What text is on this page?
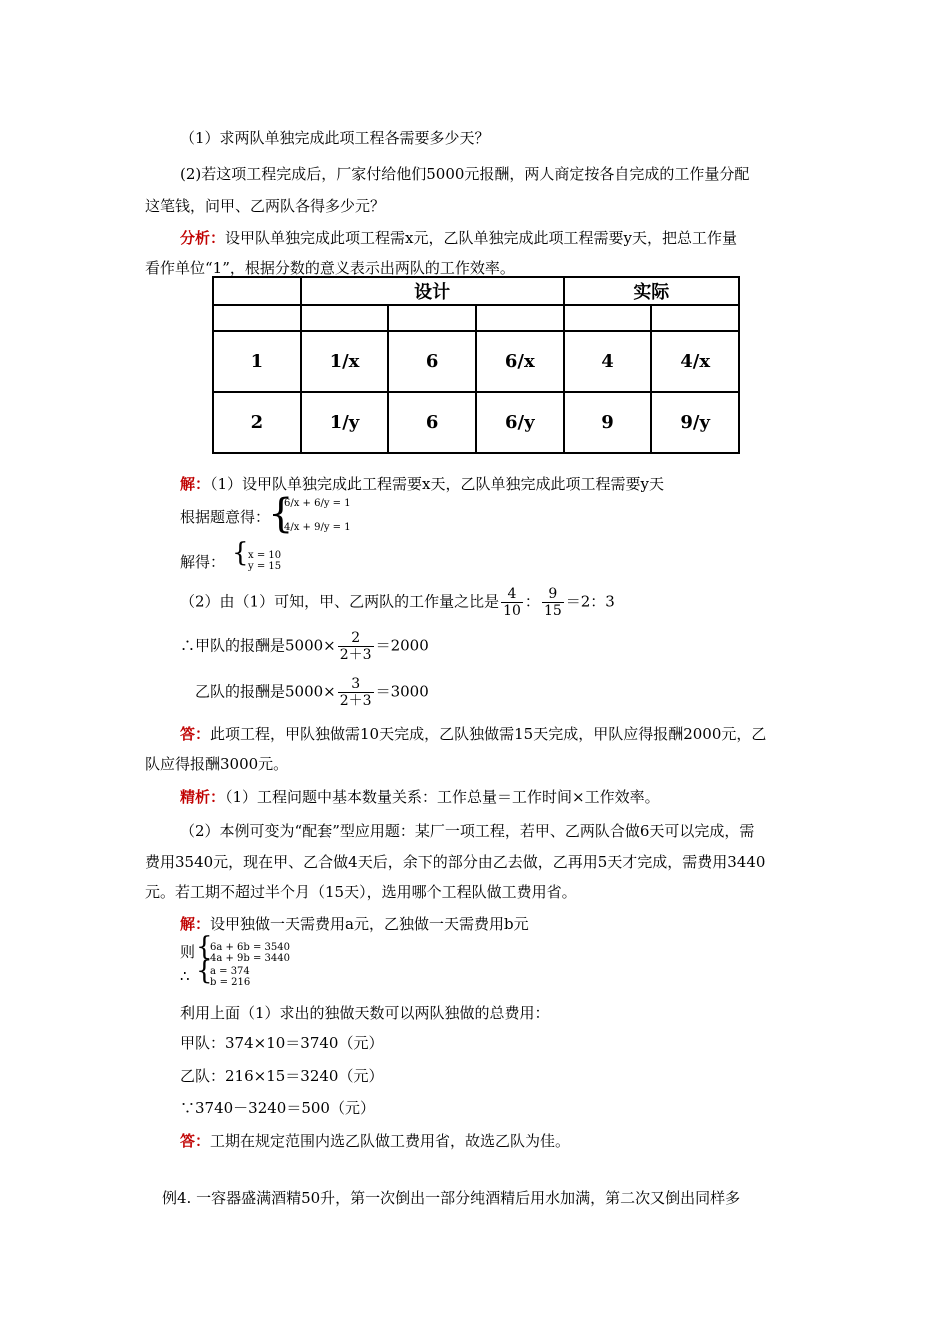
（1）求两队单独完成此项工程各需要多少天？
(2)若这项工程完成后，厂家付给他们5000元报酬，两人商定按各自完成的工作量分配
这笔钱，问甲、乙两队各得多少元？
分析：设甲队单独完成此项工程需x元，乙队单独完成此项工程需要y天，把总工作量
看作单位“1”，根据分数的意义表示出两队的工作效率。
	设计			实际	

1	1/x	6	6/x	4	4/x
2	1/y	6	6/y	9	9/y
解：（1）设甲队单独完成此工程需要x天，乙队单独完成此项工程需要y天
根据题意得：
{
6/x + 6/y = 1
4/x + 9/y = 1
解得： { x = 10
y = 15
（2）由（1）可知，甲、乙两队的工作量之比是 $\frac{4}{10}$ ： $\frac{9}{15} =2$：3
∴甲队的报酬是$5000\times \frac{2}{2+3} =2000$
乙队的报酬是$5000\times \frac{3}{2+3} =3000$
答：此项工程，甲队独做需10天完成，乙队独做需15天完成，甲队应得报酬2000元，乙
队应得报酬3000元。
精析：（1）工程问题中基本数量关系：工作总量＝工作时间×工作效率。
（2）本例可变为“配套”型应用题：某厂一项工程，若甲、乙两队合做6天可以完成，需
费用3540元，现在甲、乙合做4天后，余下的部分由乙去做，乙再用5天才完成，需费用3440
元。若工期不超过半个月（15天），选用哪个工程队做工费用省。
解：设甲独做一天需费用a元，乙独做一天需费用b元
则 {
6a + 6b = 3540
4a + 9b = 3440
∴ {
a = 374
b = 216
利用上面（1）求出的独做天数可以两队独做的总费用：
甲队：374×10＝3740（元）
乙队：216×15＝3240（元）
∵3740－3240＝500（元）
答：工期在规定范围内选乙队做工费用省，故选乙队为佳。
例4. 一容器盛满酒精50升，第一次倒出一部分纯酒精后用水加满，第二次又倒出同样多
